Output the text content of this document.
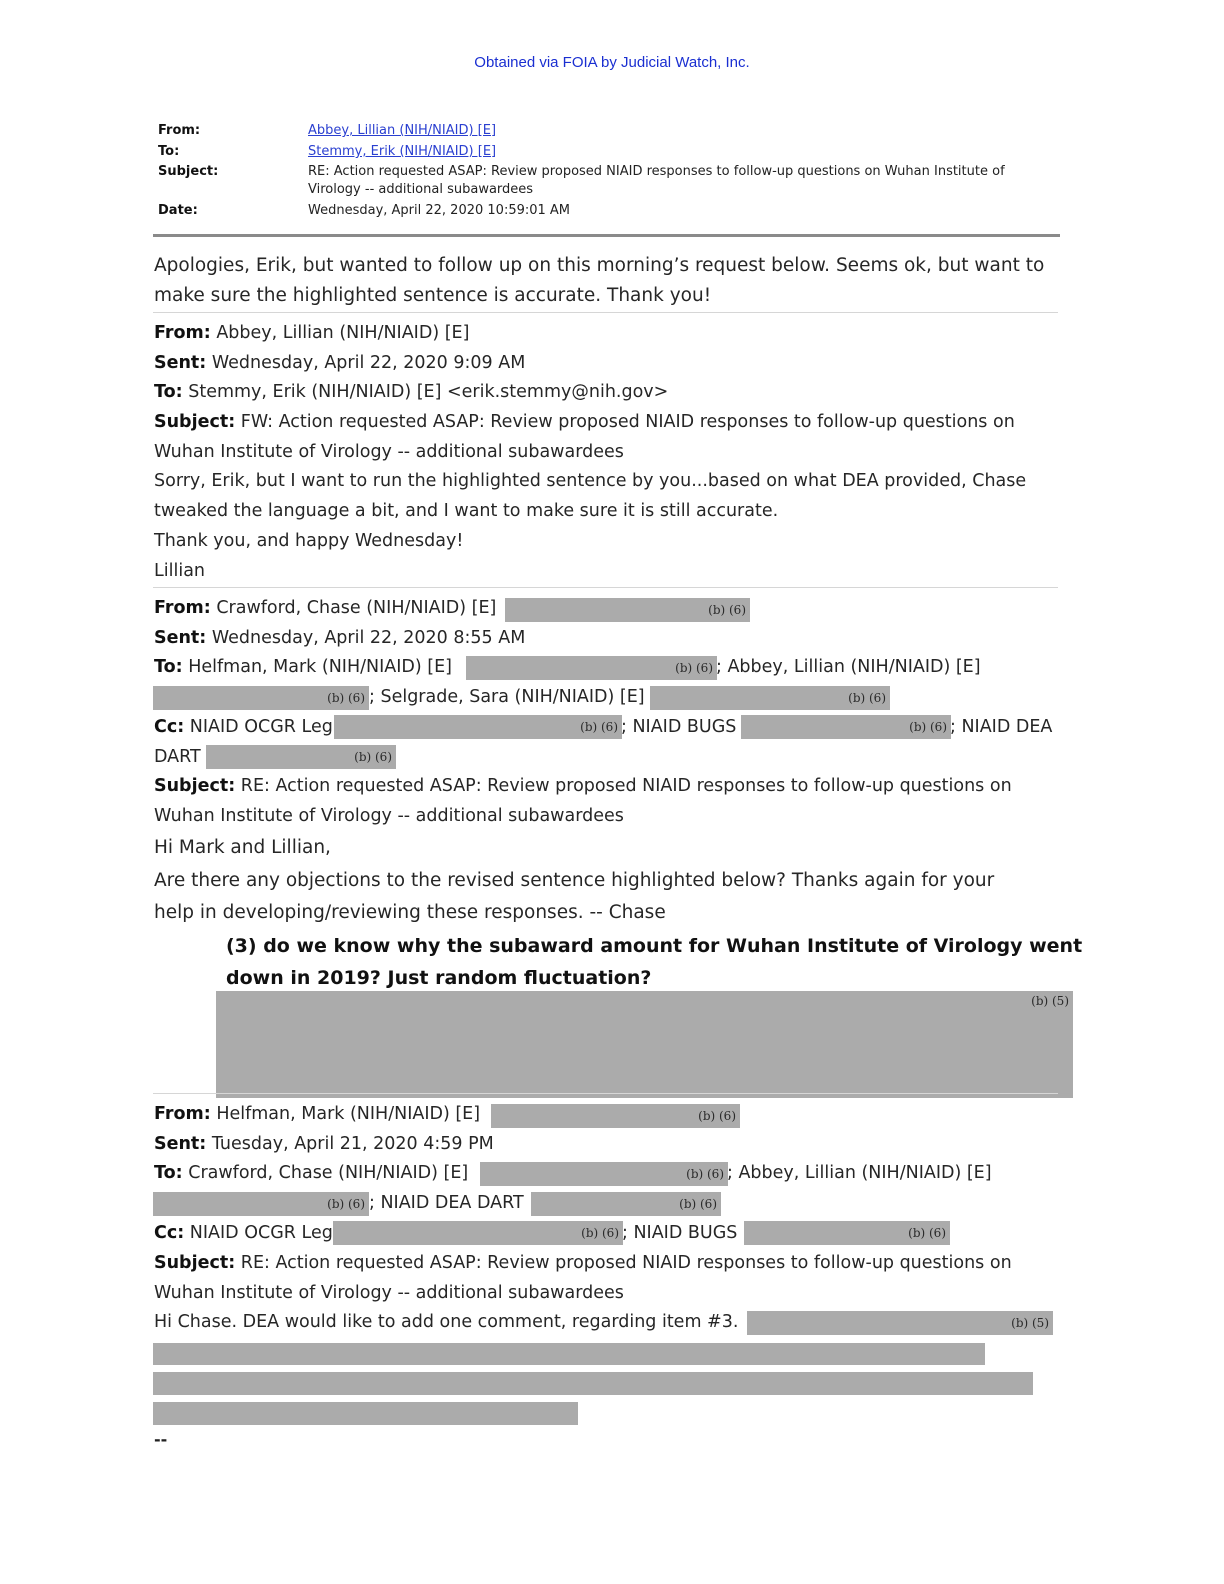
Obtained via FOIA by Judicial Watch, Inc.
From:	Abbey, Lillian (NIH/NIAID) [E]
To:	Stemmy, Erik (NIH/NIAID) [E]
Subject:	RE: Action requested ASAP: Review proposed NIAID responses to follow-up questions on Wuhan Institute of
Virology -- additional subawardees
Date:	Wednesday, April 22, 2020 10:59:01 AM
Apologies, Erik, but wanted to follow up on this morning’s request below. Seems ok, but want to
make sure the highlighted sentence is accurate. Thank you!
From: Abbey, Lillian (NIH/NIAID) [E]
Sent: Wednesday, April 22, 2020 9:09 AM
To: Stemmy, Erik (NIH/NIAID) [E] <erik.stemmy@nih.gov>
Subject: FW: Action requested ASAP: Review proposed NIAID responses to follow-up questions on
Wuhan Institute of Virology -- additional subawardees
Sorry, Erik, but I want to run the highlighted sentence by you...based on what DEA provided, Chase
tweaked the language a bit, and I want to make sure it is still accurate.
Thank you, and happy Wednesday!
Lillian
From: Crawford, Chase (NIH/NIAID) [E]	(b) (6)
Sent: Wednesday, April 22, 2020 8:55 AM
To: Helfman, Mark (NIH/NIAID) [E]	(b) (6) ; Abbey, Lillian (NIH/NIAID) [E]
(b) (6) ; Selgrade, Sara (NIH/NIAID) [E]	(b) (6)
Cc: NIAID OCGR Leg	(b) (6) ; NIAID BUGS	(b) (6) ; NIAID DEA
DART	(b) (6)
Subject: RE: Action requested ASAP: Review proposed NIAID responses to follow-up questions on
Wuhan Institute of Virology -- additional subawardees
Hi Mark and Lillian,
Are there any objections to the revised sentence highlighted below? Thanks again for your
help in developing/reviewing these responses. -- Chase
(3) do we know why the subaward amount for Wuhan Institute of Virology went
down in 2019? Just random fluctuation?
(b) (5)
From: Helfman, Mark (NIH/NIAID) [E]	(b) (6)
Sent: Tuesday, April 21, 2020 4:59 PM
To: Crawford, Chase (NIH/NIAID) [E]	(b) (6) ; Abbey, Lillian (NIH/NIAID) [E]
(b) (6) ; NIAID DEA DART	(b) (6)
Cc: NIAID OCGR Leg	(b) (6) ; NIAID BUGS	(b) (6)
Subject: RE: Action requested ASAP: Review proposed NIAID responses to follow-up questions on
Wuhan Institute of Virology -- additional subawardees
Hi Chase. DEA would like to add one comment, regarding item #3.	(b) (5)
--
